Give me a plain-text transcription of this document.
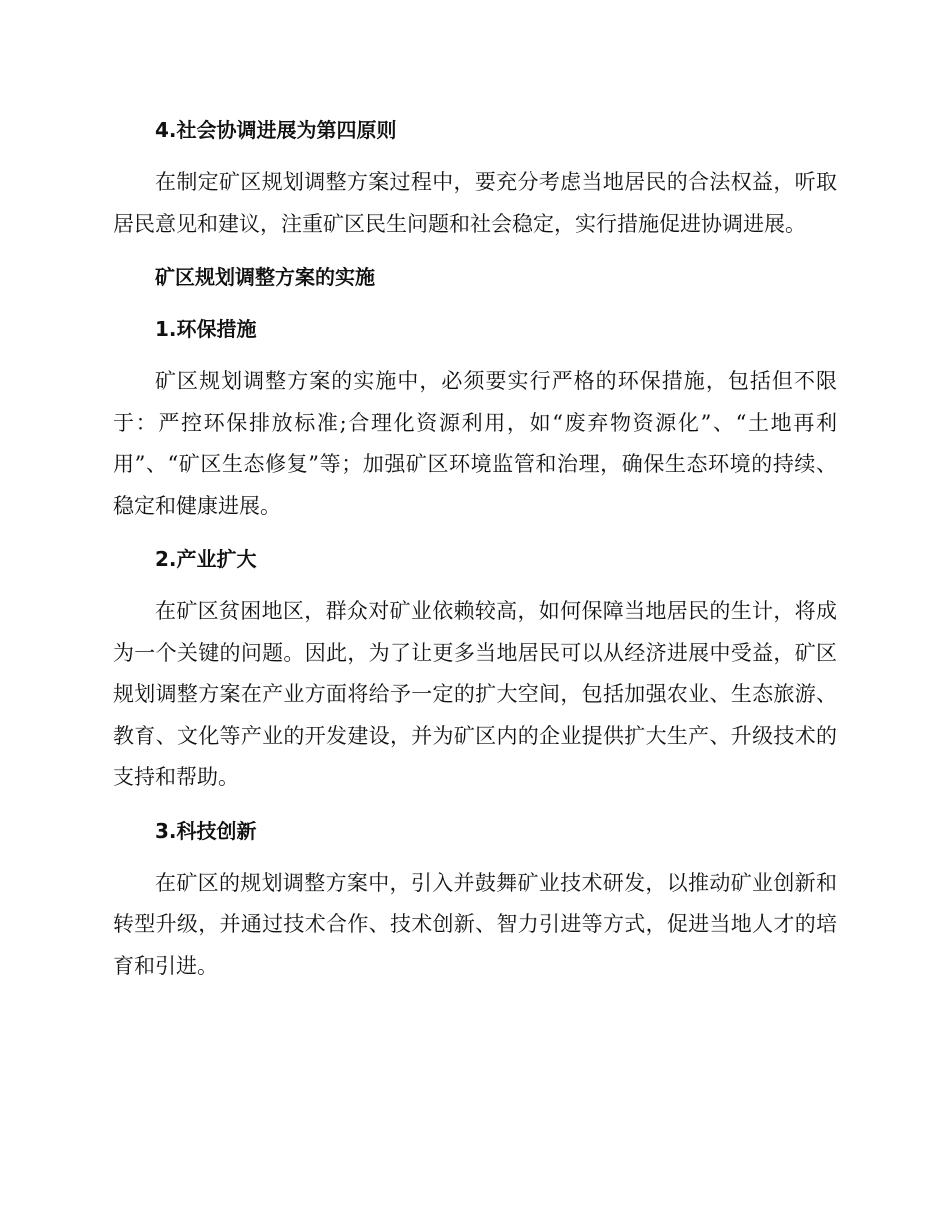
4.社会协调进展为第四原则

在制定矿区规划调整方案过程中，要充分考虑当地居民的合法权益，听取居民意见和建议，注重矿区民生问题和社会稳定，实行措施促进协调进展。

矿区规划调整方案的实施
1.环保措施

矿区规划调整方案的实施中，必须要实行严格的环保措施，包括但不限于：严控环保排放标准;合理化资源利用，如“废弃物资源化”、“土地再利用”、“矿区生态修复”等；加强矿区环境监管和治理，确保生态环境的持续、稳定和健康进展。

2.产业扩大

在矿区贫困地区，群众对矿业依赖较高，如何保障当地居民的生计，将成为一个关键的问题。因此，为了让更多当地居民可以从经济进展中受益，矿区规划调整方案在产业方面将给予一定的扩大空间，包括加强农业、生态旅游、教育、文化等产业的开发建设，并为矿区内的企业提供扩大生产、升级技术的支持和帮助。

3.科技创新

在矿区的规划调整方案中，引入并鼓舞矿业技术研发，以推动矿业创新和转型升级，并通过技术合作、技术创新、智力引进等方式，促进当地人才的培育和引进。
